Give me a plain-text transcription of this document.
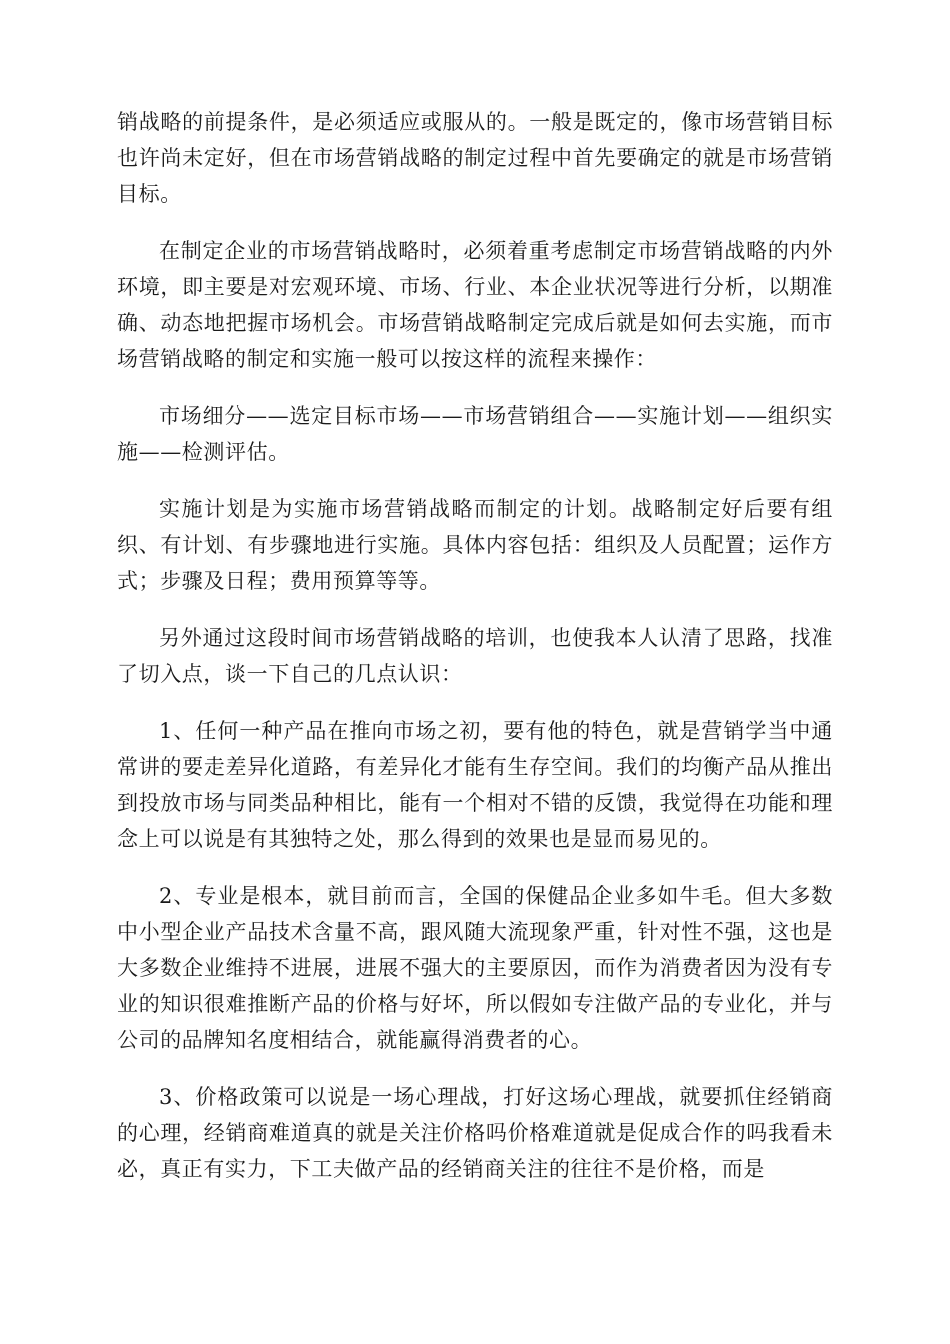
销战略的前提条件，是必须适应或服从的。一般是既定的，像市场营销目标也许尚未定好，但在市场营销战略的制定过程中首先要确定的就是市场营销目标。

在制定企业的市场营销战略时，必须着重考虑制定市场营销战略的内外环境，即主要是对宏观环境、市场、行业、本企业状况等进行分析，以期准确、动态地把握市场机会。市场营销战略制定完成后就是如何去实施，而市场营销战略的制定和实施一般可以按这样的流程来操作：

市场细分——选定目标市场——市场营销组合——实施计划——组织实施——检测评估。

实施计划是为实施市场营销战略而制定的计划。战略制定好后要有组织、有计划、有步骤地进行实施。具体内容包括：组织及人员配置；运作方式；步骤及日程；费用预算等等。

另外通过这段时间市场营销战略的培训，也使我本人认清了思路，找准了切入点，谈一下自己的几点认识：

1、任何一种产品在推向市场之初，要有他的特色，就是营销学当中通常讲的要走差异化道路，有差异化才能有生存空间。我们的均衡产品从推出到投放市场与同类品种相比，能有一个相对不错的反馈，我觉得在功能和理念上可以说是有其独特之处，那么得到的效果也是显而易见的。

2、专业是根本，就目前而言，全国的保健品企业多如牛毛。但大多数中小型企业产品技术含量不高，跟风随大流现象严重，针对性不强，这也是大多数企业维持不进展，进展不强大的主要原因，而作为消费者因为没有专业的知识很难推断产品的价格与好坏，所以假如专注做产品的专业化，并与公司的品牌知名度相结合，就能赢得消费者的心。

3、价格政策可以说是一场心理战，打好这场心理战，就要抓住经销商的心理，经销商难道真的就是关注价格吗价格难道就是促成合作的吗我看未必，真正有实力，下工夫做产品的经销商关注的往往不是价格，而是
